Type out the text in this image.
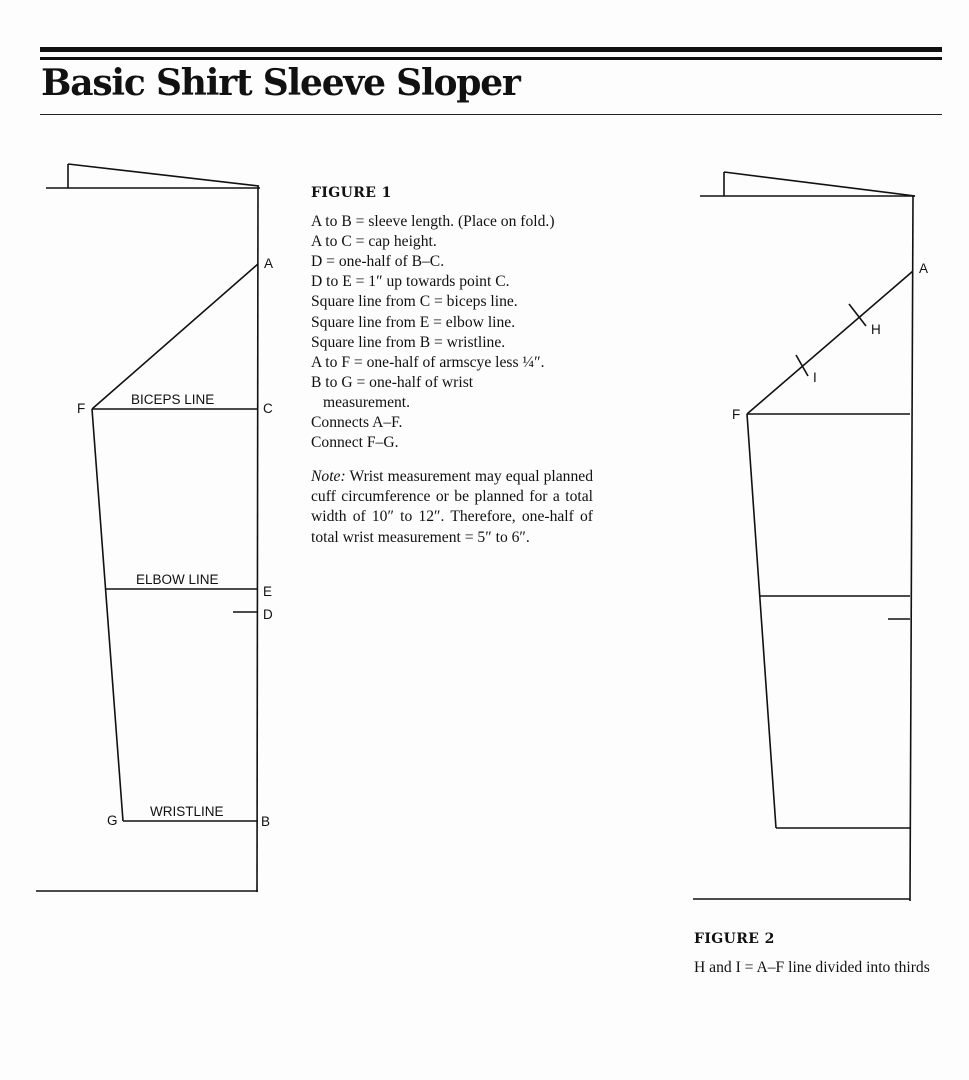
Basic Shirt Sleeve Sloper
A
F	C
BICEPS LINE
ELBOW LINE
E
D
G
WRISTLINE
B
A
H
I
F
FIGURE 1

A to B = sleeve length. (Place on fold.)

A to C = cap height.

D = one-half of B–C.

D to E = 1″ up towards point C.

Square line from C = biceps line.

Square line from E = elbow line.

Square line from B = wristline.

A to F = one-half of armscye less ¼″.

B to G = one-half of wrist

measurement.

Connects A–F.

Connect F–G.

Note: Wrist measurement may equal planned cuff circumference or be planned for a total width of 10″ to 12″. Therefore, one-half of total wrist measurement = 5″ to 6″.

FIGURE 2
H and I = A–F line divided into thirds
